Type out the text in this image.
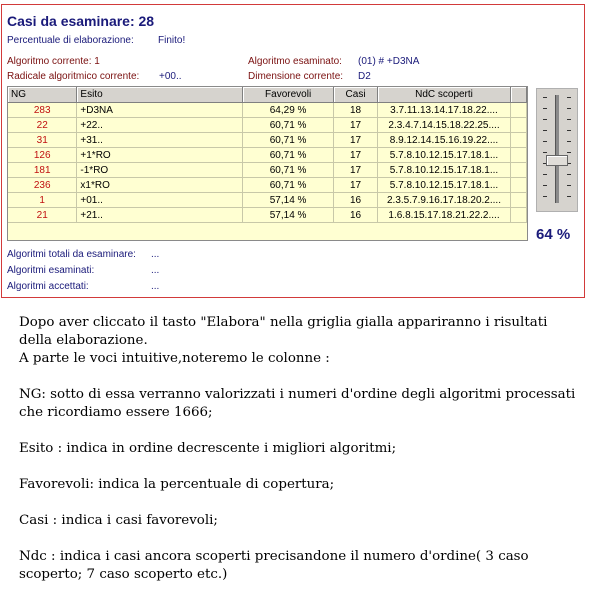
Casi da esaminare: 28
Percentuale di elaborazione: Finito!
Algoritmo corrente: 1	Algoritmo esaminato: (01) # +D3NA
Radicale algoritmico corrente: +00..	Dimensione corrente: D2
NG	Esito	Favorevoli	Casi	NdC scoperti	
283	+D3NA	64,29 %	18	3.7.11.13.14.17.18.22....	
22	+22..	60,71 %	17	2.3.4.7.14.15.18.22.25....	
31	+31..	60,71 %	17	8.9.12.14.15.16.19.22....	
126	+1*RO	60,71 %	17	5.7.8.10.12.15.17.18.1...	
181	-1*RO	60,71 %	17	5.7.8.10.12.15.17.18.1...	
236	x1*RO	60,71 %	17	5.7.8.10.12.15.17.18.1...	
1	+01..	57,14 %	16	2.3.5.7.9.16.17.18.20.2....	
21	+21..	57,14 %	16	1.6.8.15.17.18.21.22.2....	
64 %
Algoritmi totali da esaminare: ...
Algoritmi esaminati:	...
Algoritmi accettati:	...

Dopo aver cliccato il tasto "Elabora" nella griglia gialla appariranno i risultati della elaborazione.

A parte le voci intuitive,noteremo le colonne :

NG: sotto di essa verranno valorizzati i numeri d'ordine degli algoritmi processati che ricordiamo essere 1666;

Esito : indica in ordine decrescente i migliori algoritmi;

Favorevoli: indica la percentuale di copertura;

Casi : indica i casi favorevoli;

Ndc : indica i casi ancora scoperti precisandone il numero d'ordine( 3 caso scoperto; 7 caso scoperto etc.)
